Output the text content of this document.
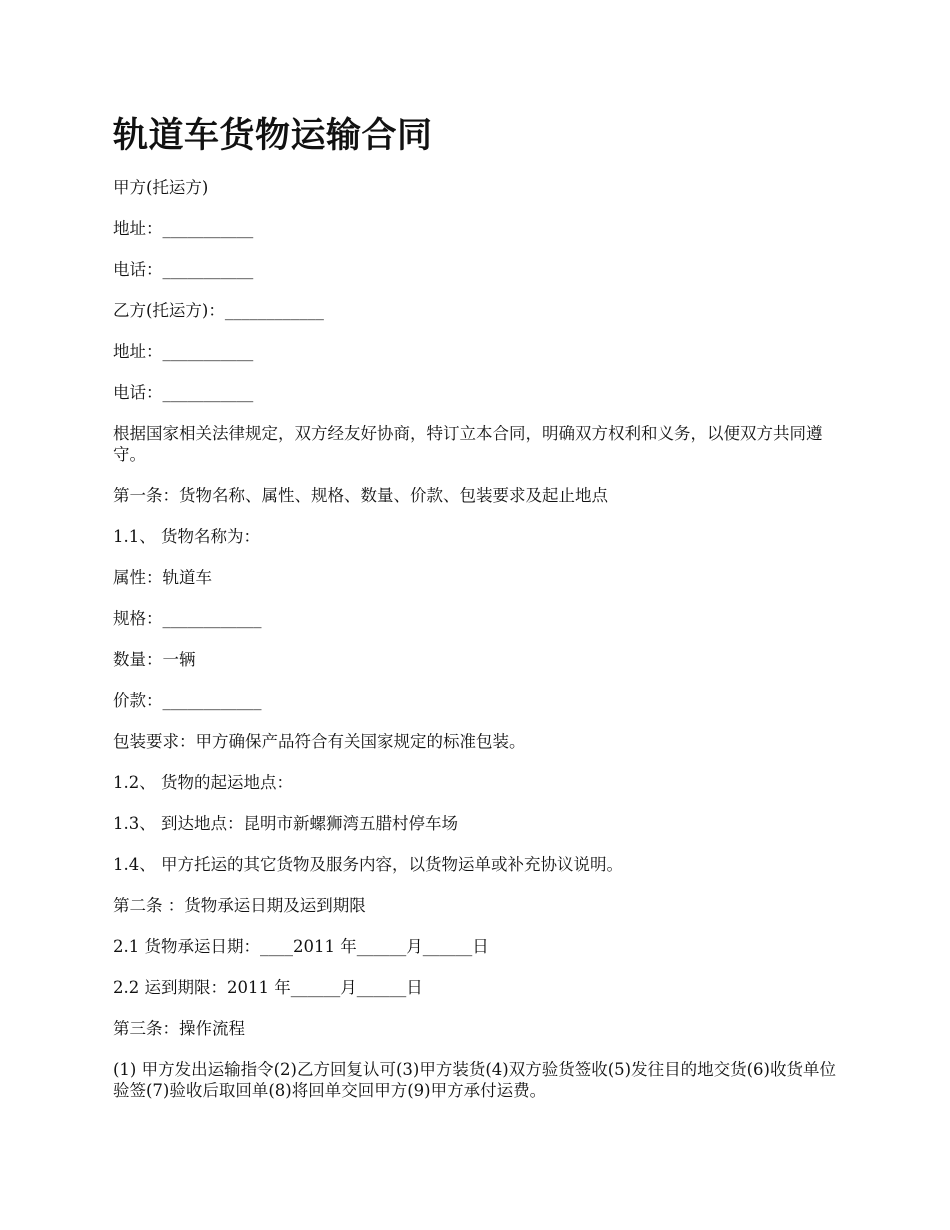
轨道车货物运输合同

甲方(托运方)

地址：___________

电话：___________

乙方(托运方)：____________

地址：___________

电话：___________

根据国家相关法律规定，双方经友好协商，特订立本合同，明确双方权利和义务，以便双方共同遵守。

第一条：货物名称、属性、规格、数量、价款、包装要求及起止地点

1.1、 货物名称为：

属性：轨道车

规格：____________

数量：一辆

价款：____________

包装要求：甲方确保产品符合有关国家规定的标准包装。

1.2、 货物的起运地点：

1.3、 到达地点：昆明市新螺狮湾五腊村停车场

1.4、 甲方托运的其它货物及服务内容，以货物运单或补充协议说明。

第二条 ：货物承运日期及运到期限

2.1 货物承运日期：____2011 年______月______日

2.2 运到期限：2011 年______月______日

第三条：操作流程

(1) 甲方发出运输指令(2)乙方回复认可(3)甲方装货(4)双方验货签收(5)发往目的地交货(6)收货单位验签(7)验收后取回单(8)将回单交回甲方(9)甲方承付运费。
